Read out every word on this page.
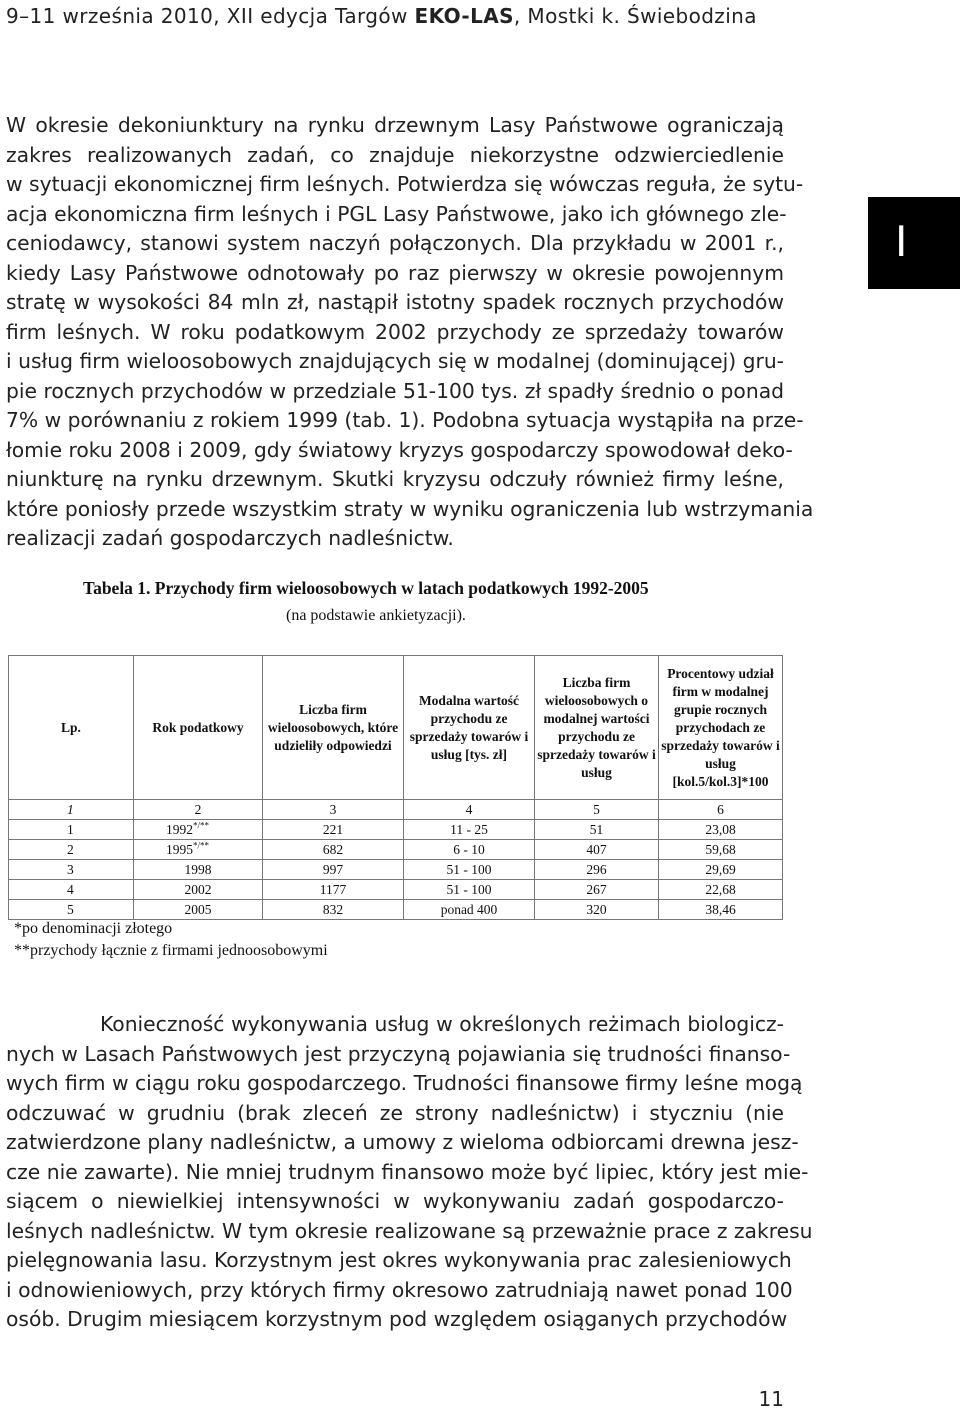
9–11 września 2010, XII edycja Targów EKO-LAS, Mostki k. Świebodzina
I
W okresie dekoniunktury na rynku drzewnym Lasy Państwowe ograniczają
zakres realizowanych zadań, co znajduje niekorzystne odzwierciedlenie
w sytuacji ekonomicznej firm leśnych. Potwierdza się wówczas reguła, że sytu-
acja ekonomiczna firm leśnych i PGL Lasy Państwowe, jako ich głównego zle-
ceniodawcy, stanowi system naczyń połączonych. Dla przykładu w 2001 r.,
kiedy Lasy Państwowe odnotowały po raz pierwszy w okresie powojennym
stratę w wysokości 84 mln zł, nastąpił istotny spadek rocznych przychodów
firm leśnych. W roku podatkowym 2002 przychody ze sprzedaży towarów
i usług firm wieloosobowych znajdujących się w modalnej (dominującej) gru-
pie rocznych przychodów w przedziale 51-100 tys. zł spadły średnio o ponad
7% w porównaniu z rokiem 1999 (tab. 1). Podobna sytuacja wystąpiła na prze-
łomie roku 2008 i 2009, gdy światowy kryzys gospodarczy spowodował deko-
niunkturę na rynku drzewnym. Skutki kryzysu odczuły również firmy leśne,
które poniosły przede wszystkim straty w wyniku ograniczenia lub wstrzymania
realizacji zadań gospodarczych nadleśnictw.
Tabela 1. Przychody firm wieloosobowych w latach podatkowych 1992-2005
(na podstawie ankietyzacji).
Lp.	Rok podatkowy	Liczba firm wieloosobowych, które udzieliły odpowiedzi	Modalna wartość przychodu ze sprzedaży towarów i usług [tys. zł]	Liczba firm wieloosobowych o modalnej wartości przychodu ze sprzedaży towarów i usług	Procentowy udział firm w modalnej grupie rocznych przychodach ze sprzedaży towarów i usług [kol.5/kol.3]*100
1	2	3	4	5	6
1	1992*/**	221	11 - 25	51	23,08
2	1995*/**	682	6 - 10	407	59,68
3	1998	997	51 - 100	296	29,69
4	2002	1177	51 - 100	267	22,68
5	2005	832	ponad 400	320	38,46
*po denominacji złotego
**przychody łącznie z firmami jednoosobowymi
Konieczność wykonywania usług w określonych reżimach biologicz-
nych w Lasach Państwowych jest przyczyną pojawiania się trudności finanso-
wych firm w ciągu roku gospodarczego. Trudności finansowe firmy leśne mogą
odczuwać w grudniu (brak zleceń ze strony nadleśnictw) i styczniu (nie
zatwierdzone plany nadleśnictw, a umowy z wieloma odbiorcami drewna jesz-
cze nie zawarte). Nie mniej trudnym finansowo może być lipiec, który jest mie-
siącem o niewielkiej intensywności w wykonywaniu zadań gospodarczo-
leśnych nadleśnictw. W tym okresie realizowane są przeważnie prace z zakresu
pielęgnowania lasu. Korzystnym jest okres wykonywania prac zalesieniowych
i odnowieniowych, przy których firmy okresowo zatrudniają nawet ponad 100
osób. Drugim miesiącem korzystnym pod względem osiąganych przychodów
11
